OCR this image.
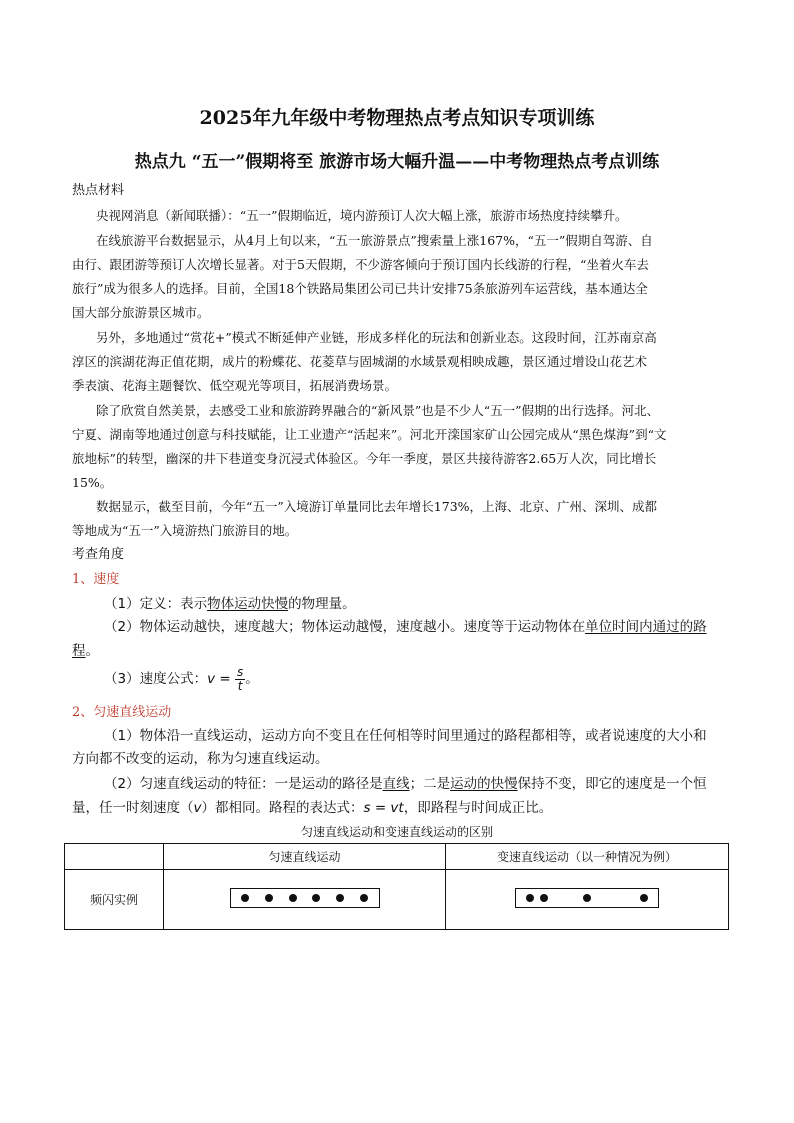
2025年九年级中考物理热点考点知识专项训练
热点九 “五一”假期将至 旅游市场大幅升温——中考物理热点考点训练
热点材料
央视网消息（新闻联播）：“五一”假期临近，境内游预订人次大幅上涨，旅游市场热度持续攀升。
在线旅游平台数据显示，从4月上旬以来，“五一旅游景点”搜索量上涨167%，“五一”假期自驾游、自
由行、跟团游等预订人次增长显著。对于5天假期，不少游客倾向于预订国内长线游的行程，“坐着火车去
旅行”成为很多人的选择。目前，全国18个铁路局集团公司已共计安排75条旅游列车运营线，基本通达全
国大部分旅游景区城市。
另外，多地通过“赏花+”模式不断延伸产业链，形成多样化的玩法和创新业态。这段时间，江苏南京高
淳区的滨湖花海正值花期，成片的粉蝶花、花菱草与固城湖的水域景观相映成趣，景区通过增设山花艺术
季表演、花海主题餐饮、低空观光等项目，拓展消费场景。
除了欣赏自然美景，去感受工业和旅游跨界融合的“新风景”也是不少人“五一”假期的出行选择。河北、
宁夏、湖南等地通过创意与科技赋能，让工业遗产“活起来”。河北开滦国家矿山公园完成从“黑色煤海”到“文
旅地标”的转型，幽深的井下巷道变身沉浸式体验区。今年一季度，景区共接待游客2.65万人次，同比增长
15%。
数据显示，截至目前，今年“五一”入境游订单量同比去年增长173%，上海、北京、广州、深圳、成都
等地成为“五一”入境游热门旅游目的地。
考查角度
1、速度
（1）定义：表示物体运动快慢的物理量。
（2）物体运动越快，速度越大；物体运动越慢，速度越小。速度等于运动物体在单位时间内通过的路
程。
（3）速度公式：$v = \frac{s}{t}$ 。
2、匀速直线运动
（1）物体沿一直线运动，运动方向不变且在任何相等时间里通过的路程都相等，或者说速度的大小和
方向都不改变的运动，称为匀速直线运动。
（2）匀速直线运动的特征：一是运动的路径是直线；二是运动的快慢保持不变，即它的速度是一个恒
量，任一时刻速度（v）都相同。路程的表达式：s = vt，即路程与时间成正比。
匀速直线运动和变速直线运动的区别
	匀速直线运动	变速直线运动（以一种情况为例）
频闪实例	
